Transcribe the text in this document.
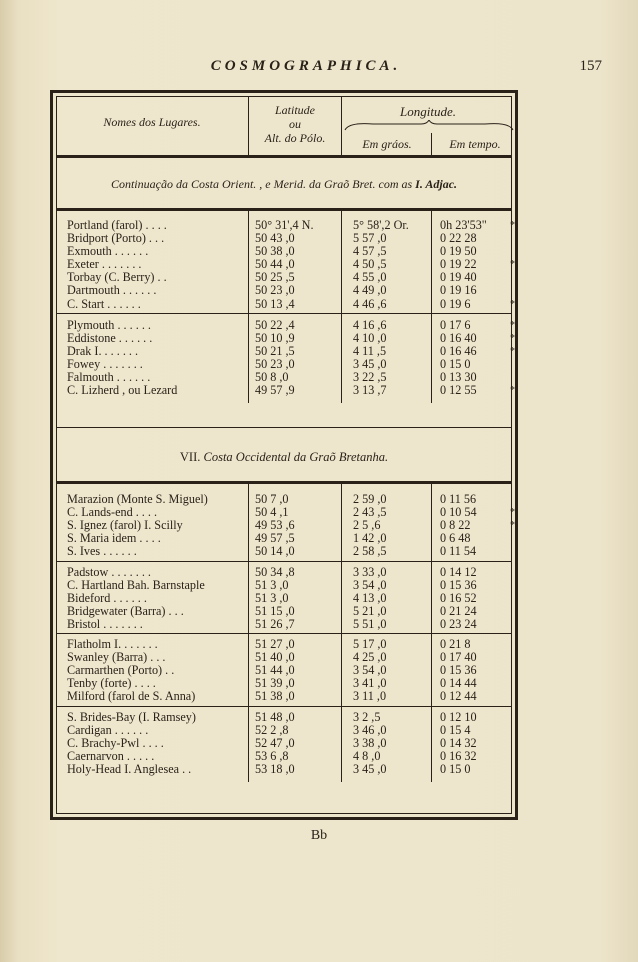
COSMOGRAPHICA.	157
Nomes dos Lugares.
Latitude
ou
Alt. do Pólo.
Longitude.
Em gráos.	Em tempo.
Continuação da Costa Orient. , e Merid. da Graõ Bret. com as I. Adjac.
Portland (farol) . . . .	50° 31',4 N.	5° 58',2 Or.	0h 23'53"	*
Bridport (Porto) . . .	50 43 ,0	5 57 ,0	0 22 28
Exmouth . . . . . .	50 38 ,0	4 57 ,5	0 19 50
Exeter . . . . . . .	50 44 ,0	4 50 ,5	0 19 22	*
Torbay (C. Berry) . .	50 25 ,5	4 55 ,0	0 19 40
Dartmouth . . . . . .	50 23 ,0	4 49 ,0	0 19 16
C. Start . . . . . .	50 13 ,4	4 46 ,6	0 19 6	*
Plymouth . . . . . .	50 22 ,4	4 16 ,6	0 17 6	*
Eddistone . . . . . .	50 10 ,9	4 10 ,0	0 16 40	*
Drak I. . . . . . .	50 21 ,5	4 11 ,5	0 16 46	*
Fowey . . . . . . .	50 23 ,0	3 45 ,0	0 15 0
Falmouth . . . . . .	50 8 ,0	3 22 ,5	0 13 30
C. Lizherd , ou Lezard	49 57 ,9	3 13 ,7	0 12 55	*
VII. Costa Occidental da Graõ Bretanha.
Marazion (Monte S. Miguel)	50 7 ,0	2 59 ,0	0 11 56
C. Lands-end . . . .	50 4 ,1	2 43 ,5	0 10 54	*
S. Ignez (farol) I. Scilly	49 53 ,6	2 5 ,6	0 8 22	*
S. Maria idem . . . .	49 57 ,5	1 42 ,0	0 6 48
S. Ives . . . . . .	50 14 ,0	2 58 ,5	0 11 54
Padstow . . . . . . .	50 34 ,8	3 33 ,0	0 14 12
C. Hartland Bah. Barnstaple	51 3 ,0	3 54 ,0	0 15 36
Bideford . . . . . .	51 3 ,0	4 13 ,0	0 16 52
Bridgewater (Barra) . . .	51 15 ,0	5 21 ,0	0 21 24
Bristol . . . . . . .	51 26 ,7	5 51 ,0	0 23 24
Flatholm I. . . . . . .	51 27 ,0	5 17 ,0	0 21 8
Swanley (Barra) . . .	51 40 ,0	4 25 ,0	0 17 40
Carmarthen (Porto) . .	51 44 ,0	3 54 ,0	0 15 36
Tenby (forte) . . . .	51 39 ,0	3 41 ,0	0 14 44
Milford (farol de S. Anna)	51 38 ,0	3 11 ,0	0 12 44
S. Brides-Bay (I. Ramsey)	51 48 ,0	3 2 ,5	0 12 10
Cardigan . . . . . .	52 2 ,8	3 46 ,0	0 15 4
C. Brachy-Pwl . . . .	52 47 ,0	3 38 ,0	0 14 32
Caernarvon . . . . .	53 6 ,8	4 8 ,0	0 16 32
Holy-Head I. Anglesea . .	53 18 ,0	3 45 ,0	0 15 0
Bb
